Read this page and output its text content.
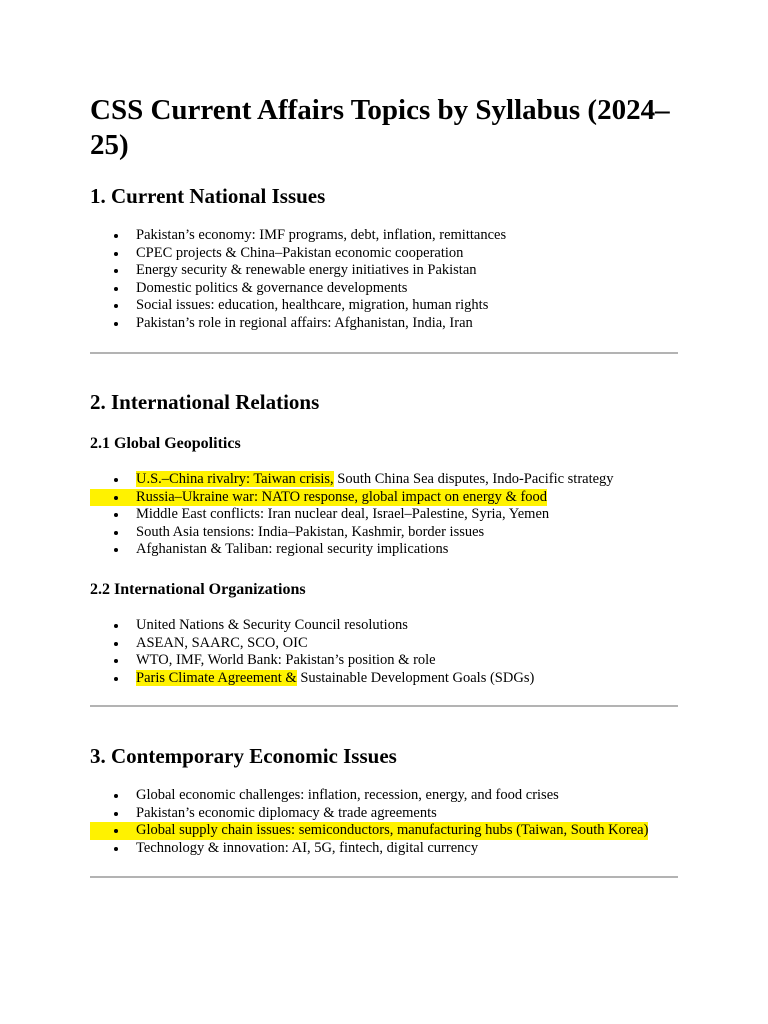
CSS Current Affairs Topics by Syllabus (2024–25)
1. Current National Issues
Pakistan’s economy: IMF programs, debt, inflation, remittances
CPEC projects & China–Pakistan economic cooperation
Energy security & renewable energy initiatives in Pakistan
Domestic politics & governance developments
Social issues: education, healthcare, migration, human rights
Pakistan’s role in regional affairs: Afghanistan, India, Iran
2. International Relations
2.1 Global Geopolitics
U.S.–China rivalry: Taiwan crisis, South China Sea disputes, Indo-Pacific strategy
Russia–Ukraine war: NATO response, global impact on energy & food
Middle East conflicts: Iran nuclear deal, Israel–Palestine, Syria, Yemen
South Asia tensions: India–Pakistan, Kashmir, border issues
Afghanistan & Taliban: regional security implications
2.2 International Organizations
United Nations & Security Council resolutions
ASEAN, SAARC, SCO, OIC
WTO, IMF, World Bank: Pakistan’s position & role
Paris Climate Agreement & Sustainable Development Goals (SDGs)
3. Contemporary Economic Issues
Global economic challenges: inflation, recession, energy, and food crises
Pakistan’s economic diplomacy & trade agreements
Global supply chain issues: semiconductors, manufacturing hubs (Taiwan, South Korea)
Technology & innovation: AI, 5G, fintech, digital currency
